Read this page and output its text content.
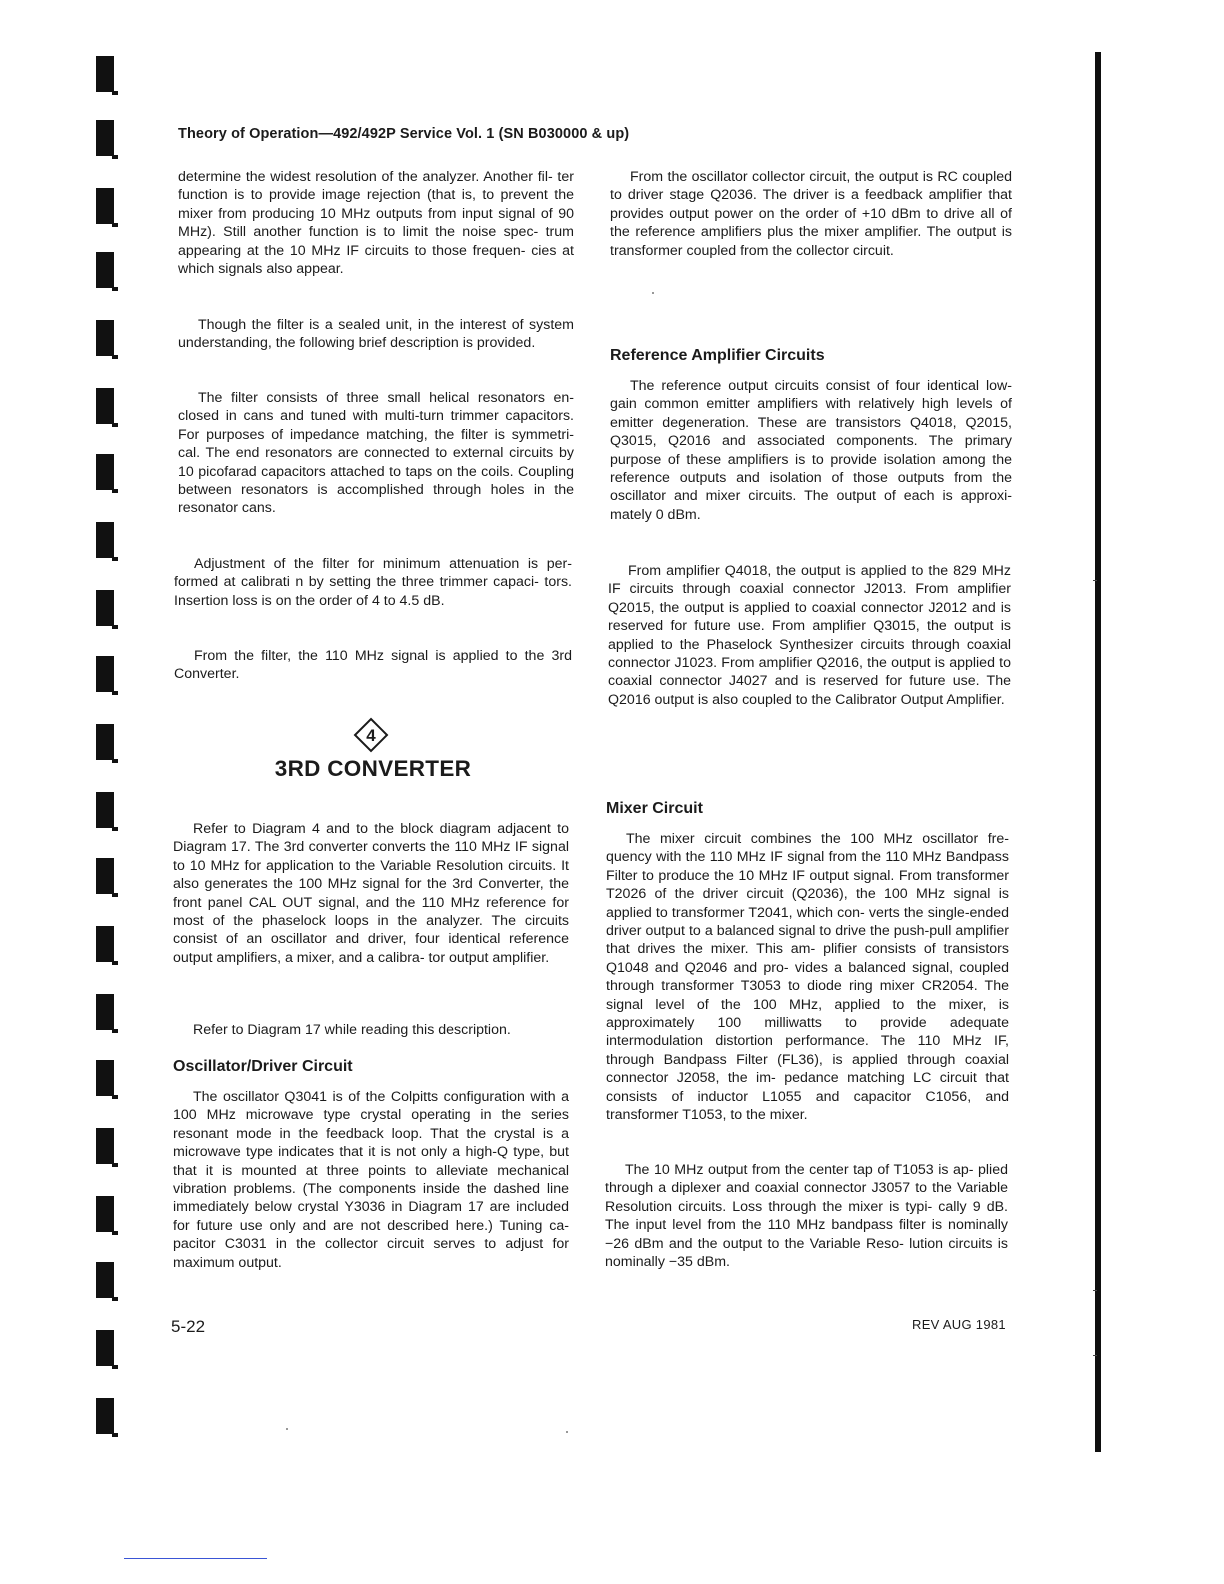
Theory of Operation—492/492P Service Vol. 1 (SN B030000 & up)

determine the widest resolution of the analyzer. Another fil- ter function is to provide image rejection (that is, to prevent the mixer from producing 10 MHz outputs from input signal of 90 MHz). Still another function is to limit the noise spec- trum appearing at the 10 MHz IF circuits to those frequen- cies at which signals also appear.

Though the filter is a sealed unit, in the interest of system understanding, the following brief description is provided.

The filter consists of three small helical resonators en- closed in cans and tuned with multi-turn trimmer capacitors. For purposes of impedance matching, the filter is symmetri- cal. The end resonators are connected to external circuits by 10 picofarad capacitors attached to taps on the coils. Coupling between resonators is accomplished through holes in the resonator cans.

Adjustment of the filter for minimum attenuation is per- formed at calibrati n by setting the three trimmer capaci- tors. Insertion loss is on the order of 4 to 4.5 dB.

From the filter, the 110 MHz signal is applied to the 3rd Converter.

4
3RD CONVERTER

Refer to Diagram 4 and to the block diagram adjacent to Diagram 17. The 3rd converter converts the 110 MHz IF signal to 10 MHz for application to the Variable Resolution circuits. It also generates the 100 MHz signal for the 3rd Converter, the front panel CAL OUT signal, and the 110 MHz reference for most of the phaselock loops in the analyzer. The circuits consist of an oscillator and driver, four identical reference output amplifiers, a mixer, and a calibra- tor output amplifier.

Refer to Diagram 17 while reading this description.

Oscillator/Driver Circuit

The oscillator Q3041 is of the Colpitts configuration with a 100 MHz microwave type crystal operating in the series resonant mode in the feedback loop. That the crystal is a microwave type indicates that it is not only a high-Q type, but that it is mounted at three points to alleviate mechanical vibration problems. (The components inside the dashed line immediately below crystal Y3036 in Diagram 17 are included for future use only and are not described here.) Tuning ca- pacitor C3031 in the collector circuit serves to adjust for maximum output.

From the oscillator collector circuit, the output is RC coupled to driver stage Q2036. The driver is a feedback amplifier that provides output power on the order of +10 dBm to drive all of the reference amplifiers plus the mixer amplifier. The output is transformer coupled from the collector circuit.

Reference Amplifier Circuits

The reference output circuits consist of four identical low- gain common emitter amplifiers with relatively high levels of emitter degeneration. These are transistors Q4018, Q2015, Q3015, Q2016 and associated components. The primary purpose of these amplifiers is to provide isolation among the reference outputs and isolation of those outputs from the oscillator and mixer circuits. The output of each is approxi- mately 0 dBm.

From amplifier Q4018, the output is applied to the 829 MHz IF circuits through coaxial connector J2013. From amplifier Q2015, the output is applied to coaxial connector J2012 and is reserved for future use. From amplifier Q3015, the output is applied to the Phaselock Synthesizer circuits through coaxial connector J1023. From amplifier Q2016, the output is applied to coaxial connector J4027 and is reserved for future use. The Q2016 output is also coupled to the Calibrator Output Amplifier.

Mixer Circuit

The mixer circuit combines the 100 MHz oscillator fre- quency with the 110 MHz IF signal from the 110 MHz Bandpass Filter to produce the 10 MHz IF output signal. From transformer T2026 of the driver circuit (Q2036), the 100 MHz signal is applied to transformer T2041, which con- verts the single-ended driver output to a balanced signal to drive the push-pull amplifier that drives the mixer. This am- plifier consists of transistors Q1048 and Q2046 and pro- vides a balanced signal, coupled through transformer T3053 to diode ring mixer CR2054. The signal level of the 100 MHz, applied to the mixer, is approximately 100 milliwatts to provide adequate intermodulation distortion performance. The 110 MHz IF, through Bandpass Filter (FL36), is applied through coaxial connector J2058, the im- pedance matching LC circuit that consists of inductor L1055 and capacitor C1056, and transformer T1053, to the mixer.

The 10 MHz output from the center tap of T1053 is ap- plied through a diplexer and coaxial connector J3057 to the Variable Resolution circuits. Loss through the mixer is typi- cally 9 dB. The input level from the 110 MHz bandpass filter is nominally −26 dBm and the output to the Variable Reso- lution circuits is nominally −35 dBm.

5-22	REV AUG 1981
